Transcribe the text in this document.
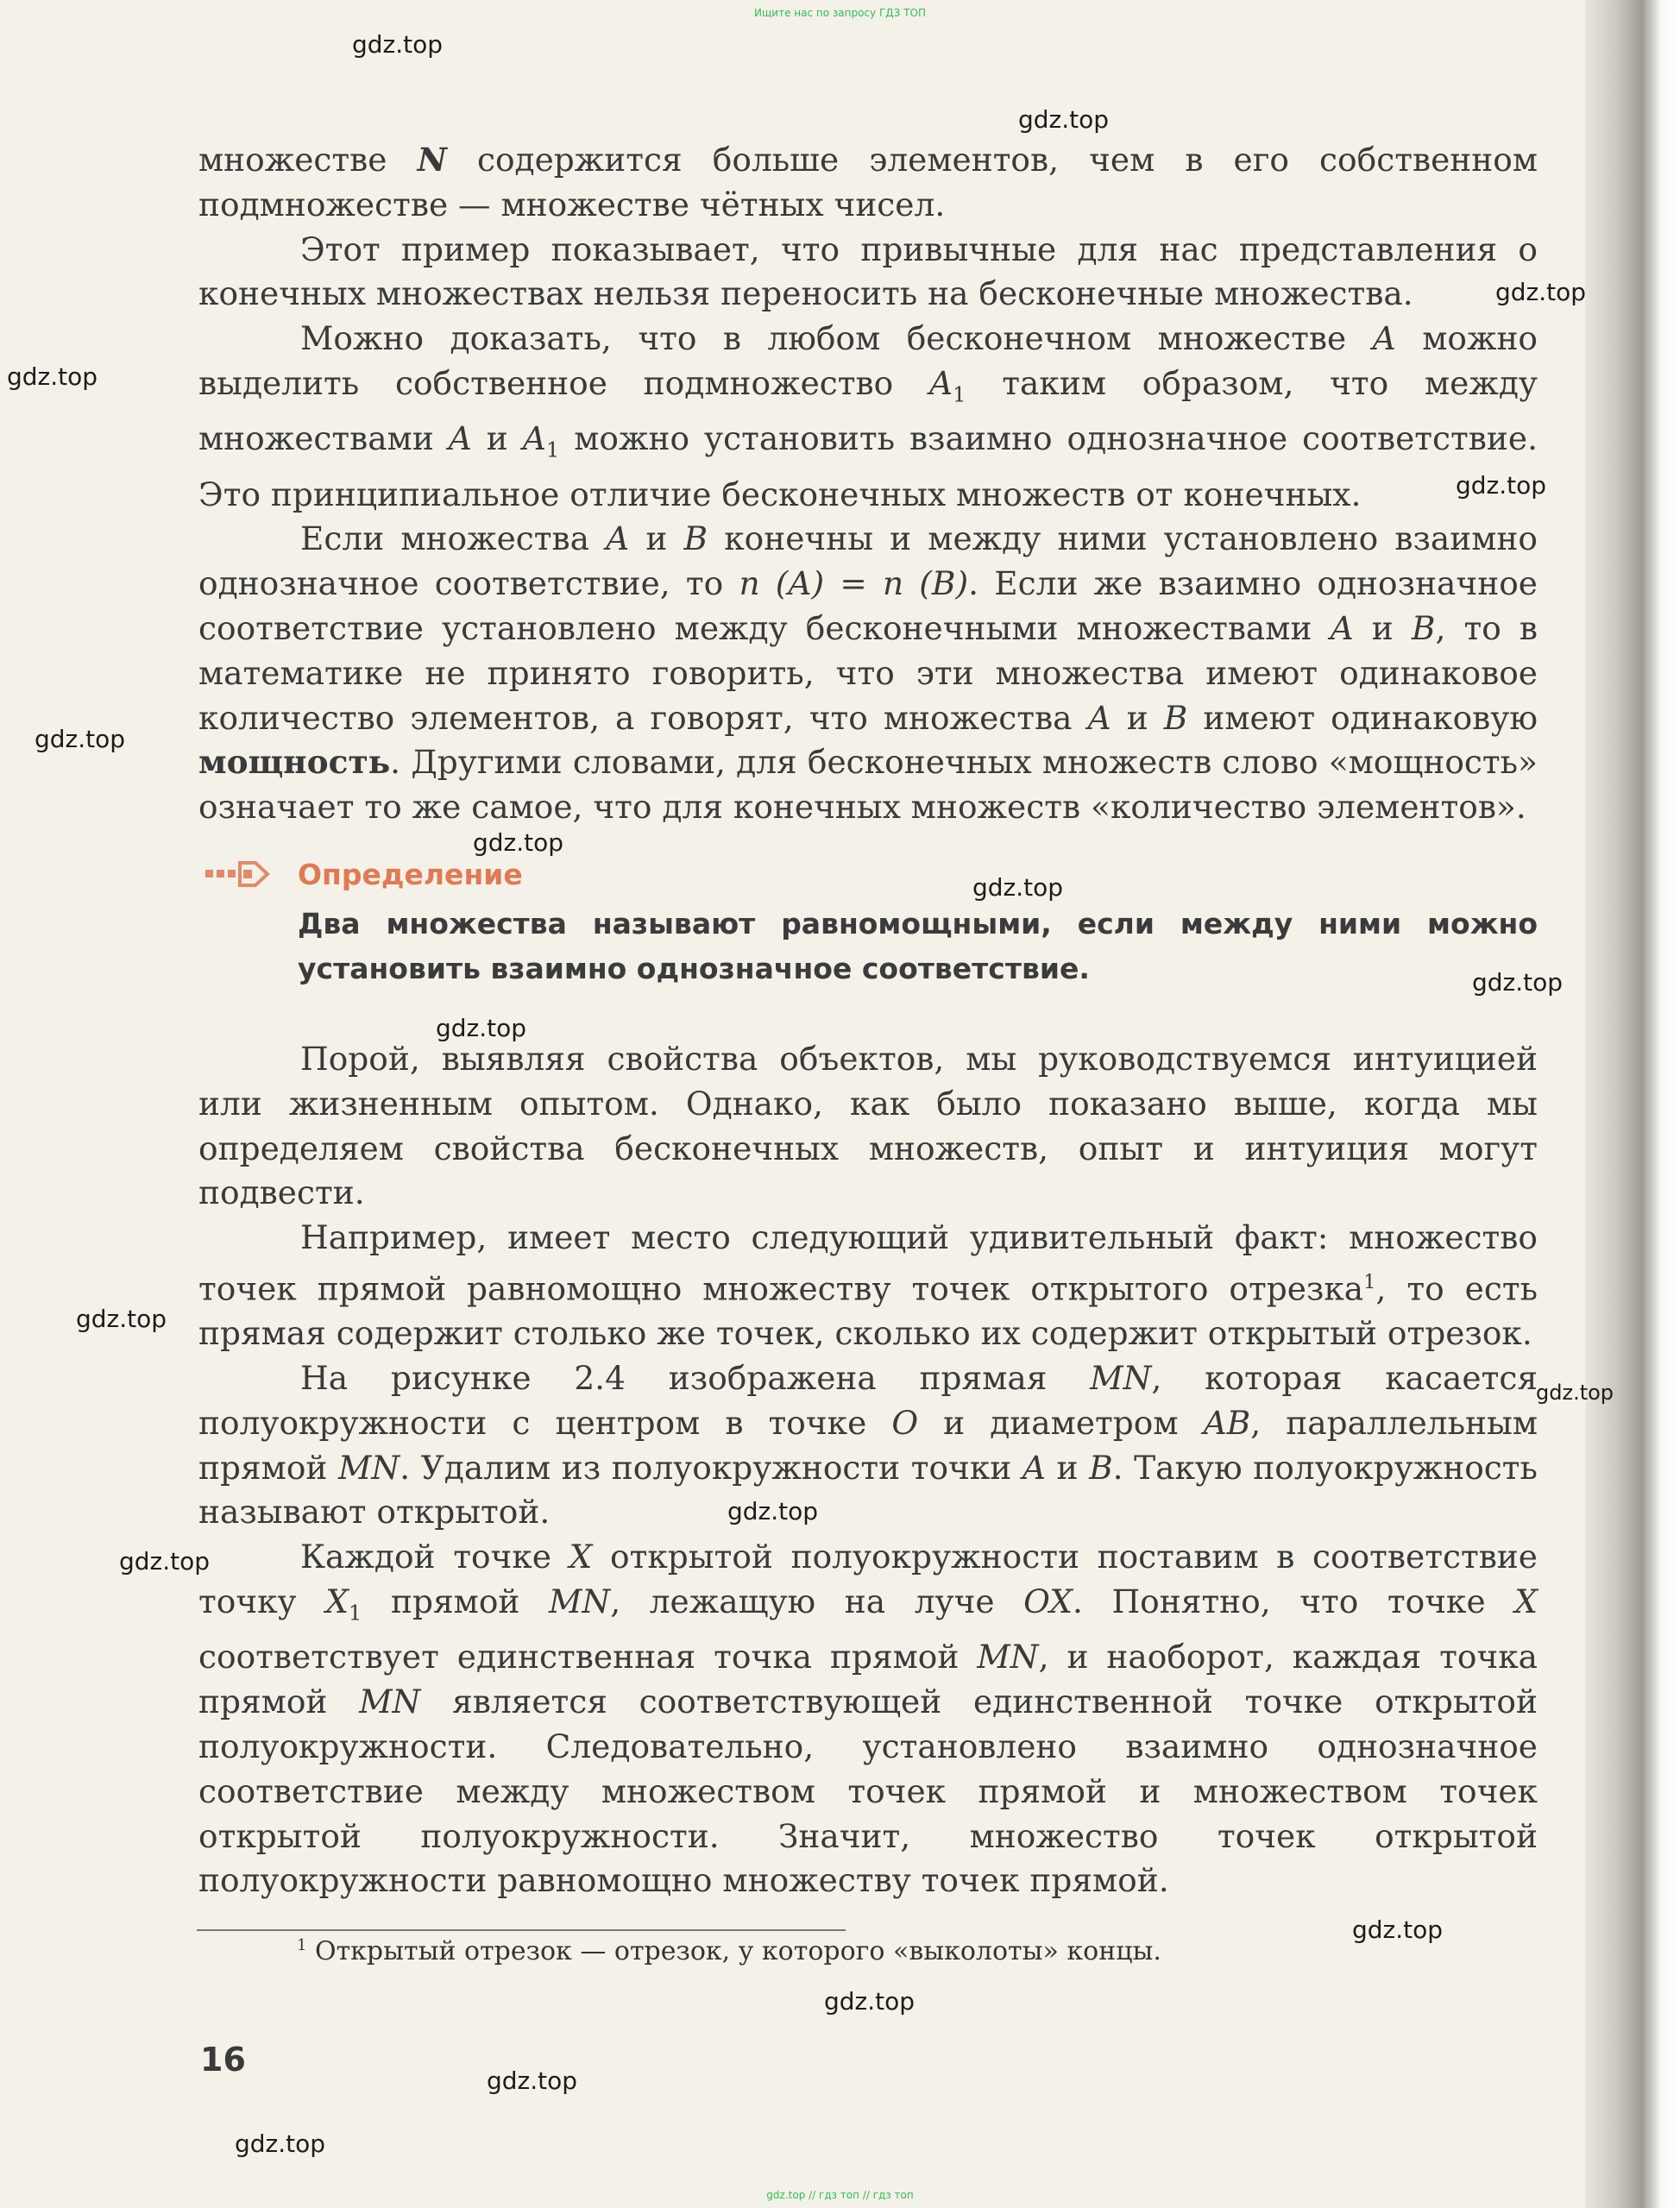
Ищите нас по запросу ГДЗ ТОП
gdz.top
gdz.top
gdz.top
gdz.top
gdz.top
gdz.top
gdz.top
gdz.top
gdz.top
gdz.top
gdz.top
gdz.top
gdz.top
gdz.top
gdz.top
gdz.top
gdz.top
gdz.top

множестве N содержится больше элементов, чем в его собственном подмножестве — множестве чётных чисел.

Этот пример показывает, что привычные для нас представления о конечных множествах нельзя переносить на бесконечные множества.

Можно доказать, что в любом бесконечном множестве A можно выделить собственное подмножество $A_1$ таким образом, что между множествами A и $A_1$ можно установить взаимно однозначное соответствие. Это принципиальное отличие бесконечных множеств от конечных.

Если множества A и B конечны и между ними установлено взаимно однозначное соответствие, то n (A) = n (B). Если же взаимно однозначное соответствие установлено между бесконечными множествами A и B, то в математике не принято говорить, что эти множества имеют одинаковое количество элементов, а говорят, что множества A и B имеют одинаковую мощность. Другими словами, для бесконечных множеств слово «мощность» означает то же самое, что для конечных множеств «количество элементов».

Определение
Два множества называют равномощными, если между ними можно установить взаимно однозначное соответствие.

Порой, выявляя свойства объектов, мы руководствуемся интуицией или жизненным опытом. Однако, как было показано выше, когда мы определяем свойства бесконечных множеств, опыт и интуиция могут подвести.

Например, имеет место следующий удивительный факт: множество точек прямой равномощно множеству точек открытого отрезка$^1$, то есть прямая содержит столько же точек, сколько их содержит открытый отрезок.

На рисунке 2.4 изображена прямая MN, которая касается полуокружности с центром в точке O и диаметром AB, параллельным прямой MN. Удалим из полуокружности точки A и B. Такую полуокружность называют открытой.

Каждой точке X открытой полуокружности поставим в соответствие точку $X_1$ прямой MN, лежащую на луче OX. Понятно, что точке X соответствует единственная точка прямой MN, и наоборот, каждая точка прямой MN является соответствующей единственной точке открытой полуокружности. Следовательно, установлено взаимно однозначное соответствие между множеством точек прямой и множеством точек открытой полуокружности. Значит, множество точек открытой полуокружности равномощно множеству точек прямой.

$^1$ Открытый отрезок — отрезок, у которого «выколоты» концы.
16
gdz.top // гдз топ // гдз топ
